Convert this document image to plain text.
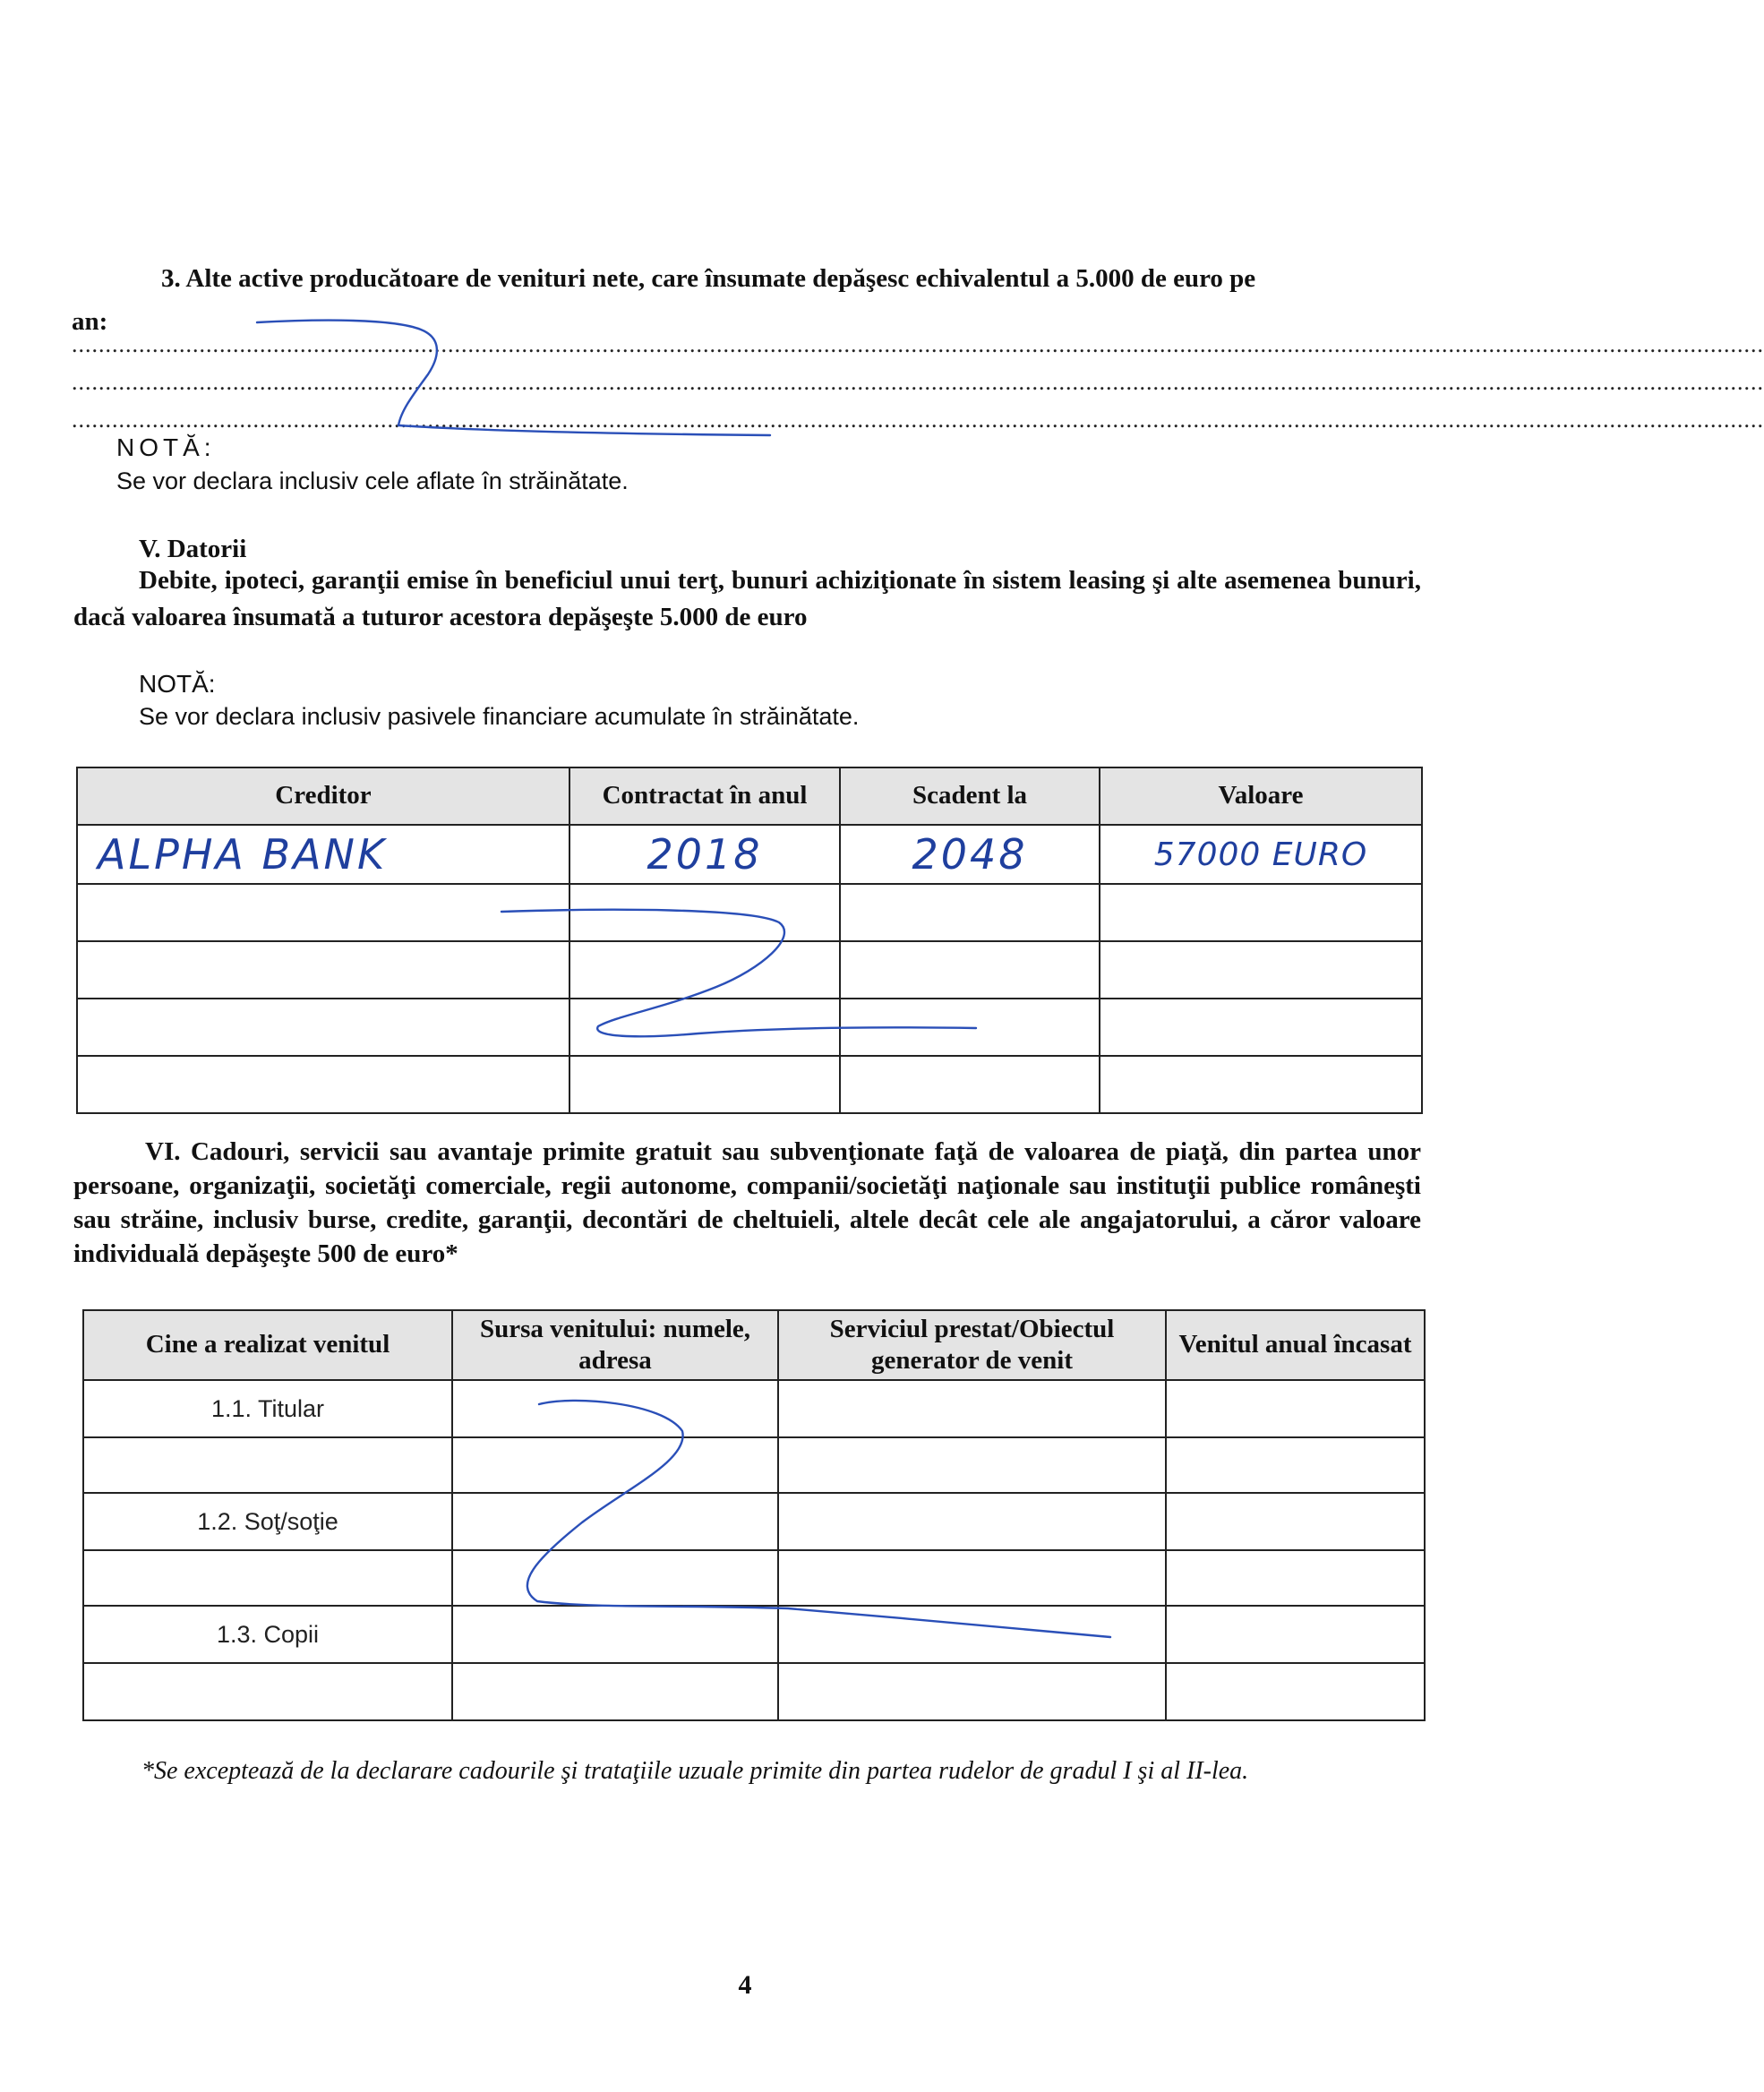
3. Alte active producătoare de venituri nete, care însumate depăşesc echivalentul a 5.000 de euro pe
an:
............................................................................................................................................................................................................................................................
............................................................................................................................................................................................................................................................
............................................................................................................................................................................................................................................................
NOTĂ:
Se vor declara inclusiv cele aflate în străinătate.
V. Datorii
Debite, ipoteci, garanţii emise în beneficiul unui terţ, bunuri achiziţionate în sistem leasing şi alte asemenea bunuri, dacă valoarea însumată a tuturor acestora depăşeşte 5.000 de euro
NOTĂ:
Se vor declara inclusiv pasivele financiare acumulate în străinătate.
Creditor	Contractat în anul	Scadent la	Valoare
ALPHA BANK	2018	2048	57000 EURO

VI. Cadouri, servicii sau avantaje primite gratuit sau subvenţionate faţă de valoarea de piaţă, din partea unor persoane, organizaţii, societăţi comerciale, regii autonome, companii/societăţi naţionale sau instituţii publice româneşti sau străine, inclusiv burse, credite, garanţii, decontări de cheltuieli, altele decât cele ale angajatorului, a căror valoare individuală depăşeşte 500 de euro*
Cine a realizat venitul	Sursa venitului: numele, adresa	Serviciul prestat/Obiectul generator de venit	Venitul anual încasat
1.1. Titular			

1.2. Soţ/soţie			

1.3. Copii			

*Se exceptează de la declarare cadourile şi trataţiile uzuale primite din partea rudelor de gradul I şi al II-lea.
4
